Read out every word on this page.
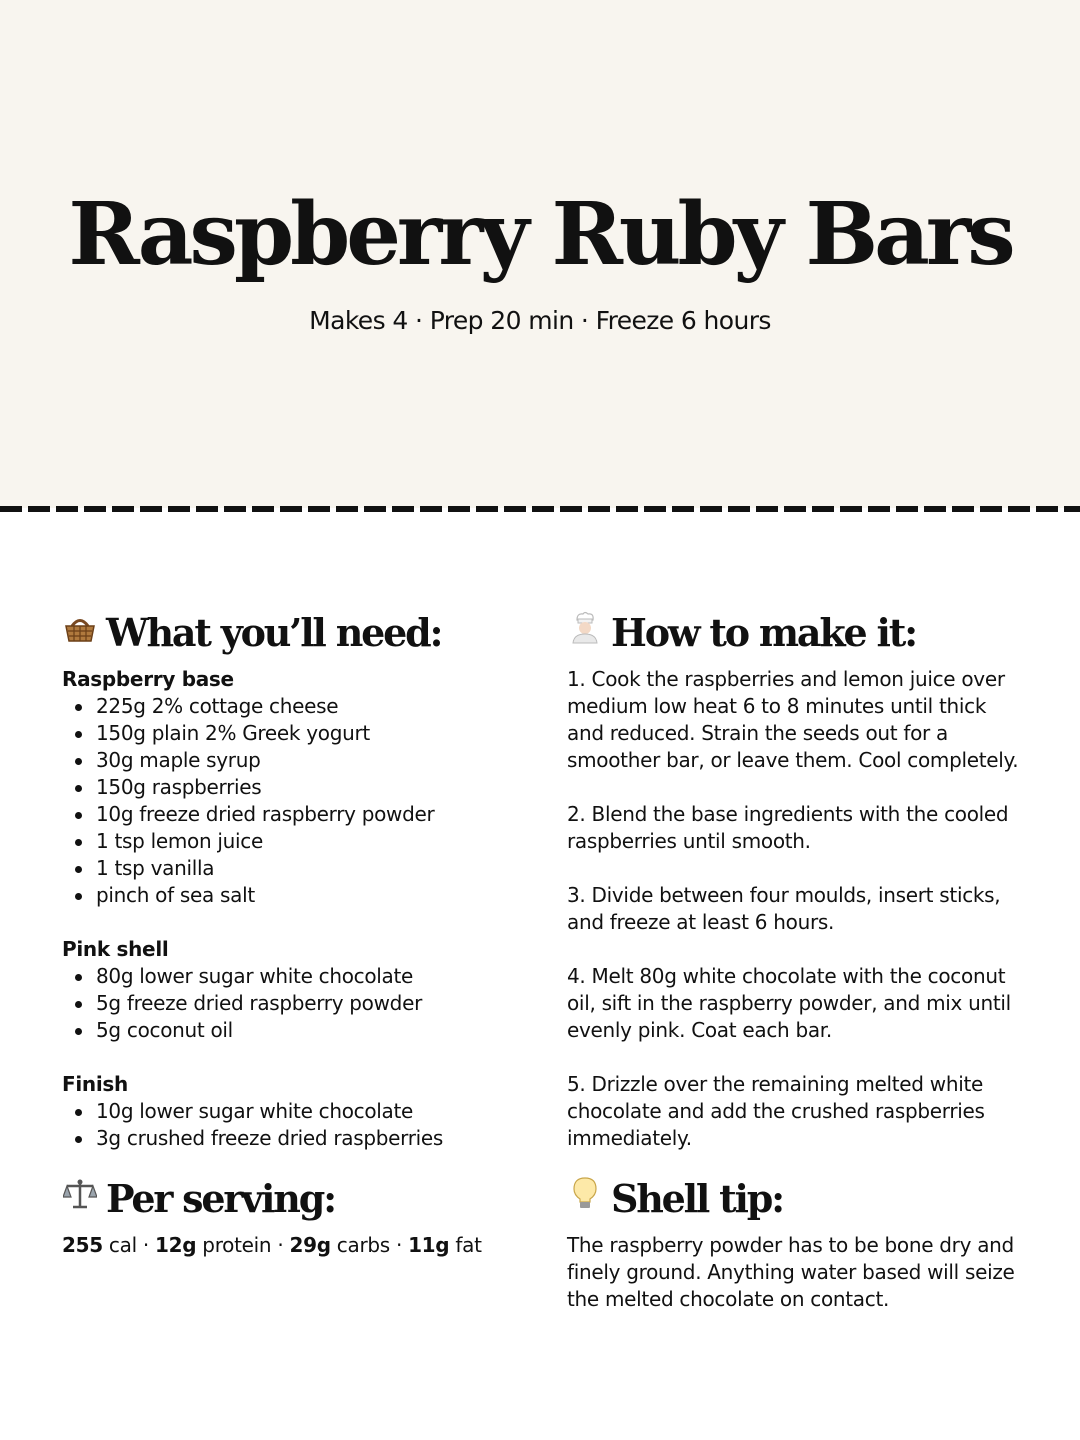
Raspberry Ruby Bars

Makes 4 · Prep 20 min · Freeze 6 hours

What you’ll need:

Raspberry base

225g 2% cottage cheese
150g plain 2% Greek yogurt
30g maple syrup
150g raspberries
10g freeze dried raspberry powder
1 tsp lemon juice
1 tsp vanilla
pinch of sea salt

Pink shell

80g lower sugar white chocolate
5g freeze dried raspberry powder
5g coconut oil

Finish

10g lower sugar white chocolate
3g crushed freeze dried raspberries
Per serving:

255 cal · 12g protein · 29g carbs · 11g fat

How to make it:

1. Cook the raspberries and lemon juice over medium low heat 6 to 8 minutes until thick and reduced. Strain the seeds out for a smoother bar, or leave them. Cool completely.

2. Blend the base ingredients with the cooled raspberries until smooth.

3. Divide between four moulds, insert sticks, and freeze at least 6 hours.

4. Melt 80g white chocolate with the coconut oil, sift in the raspberry powder, and mix until evenly pink. Coat each bar.

5. Drizzle over the remaining melted white chocolate and add the crushed raspberries immediately.

Shell tip:

The raspberry powder has to be bone dry and finely ground. Anything water based will seize the melted chocolate on contact.
